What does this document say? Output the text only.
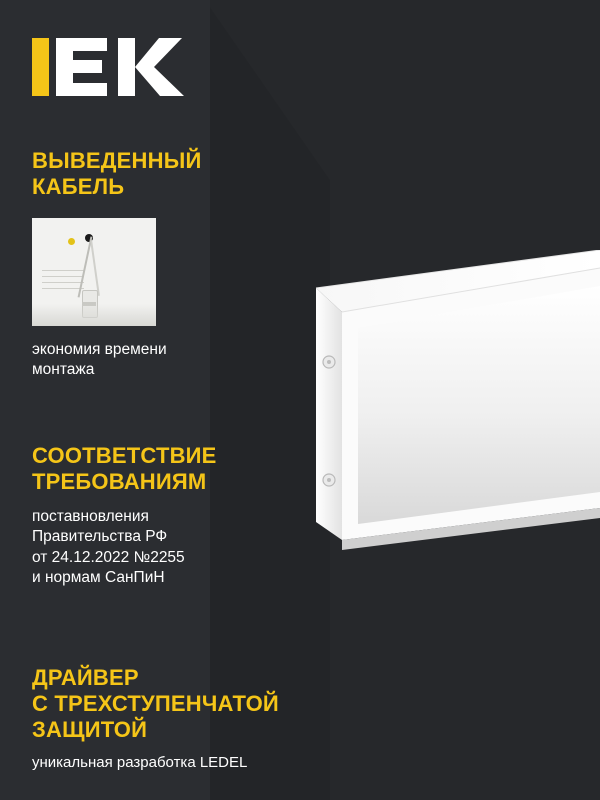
ВЫВЕДЕННЫЙ
КАБЕЛЬ

экономия времени
монтажа

СООТВЕТСТВИЕ
ТРЕБОВАНИЯМ

поставновления
Правительства РФ
от 24.12.2022 №2255
и нормам СанПиН

ДРАЙВЕР
С ТРЕХСТУПЕНЧАТОЙ
ЗАЩИТОЙ

уникальная разработка LEDEL
